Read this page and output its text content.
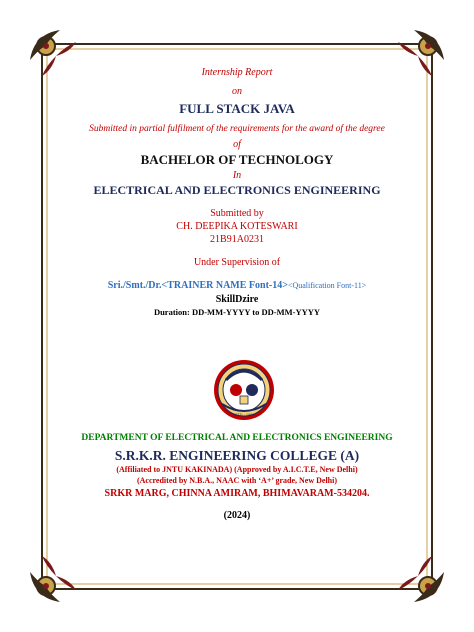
Internship Report
on
FULL STACK JAVA
Submitted in partial fulfilment of the requirements for the award of the degree
of
BACHELOR OF TECHNOLOGY
In
ELECTRICAL AND ELECTRONICS ENGINEERING
Submitted by
CH. DEEPIKA KOTESWARI
21B91A0231
Under Supervision of
Sri./Smt./Dr.<TRAINER NAME Font-14><Qualification Font-11>
SkillDzire
Duration: DD-MM-YYYY to DD-MM-YYYY
ESTD : 1980
DEPARTMENT OF ELECTRICAL AND ELECTRONICS ENGINEERING
S.R.K.R. ENGINEERING COLLEGE (A)
(Affiliated to JNTU KAKINADA) (Approved by A.I.C.T.E, New Delhi)
(Accredited by N.B.A., NAAC with ‘A+’ grade, New Delhi)
SRKR MARG, CHINNA AMIRAM, BHIMAVARAM-534204.
(2024)
